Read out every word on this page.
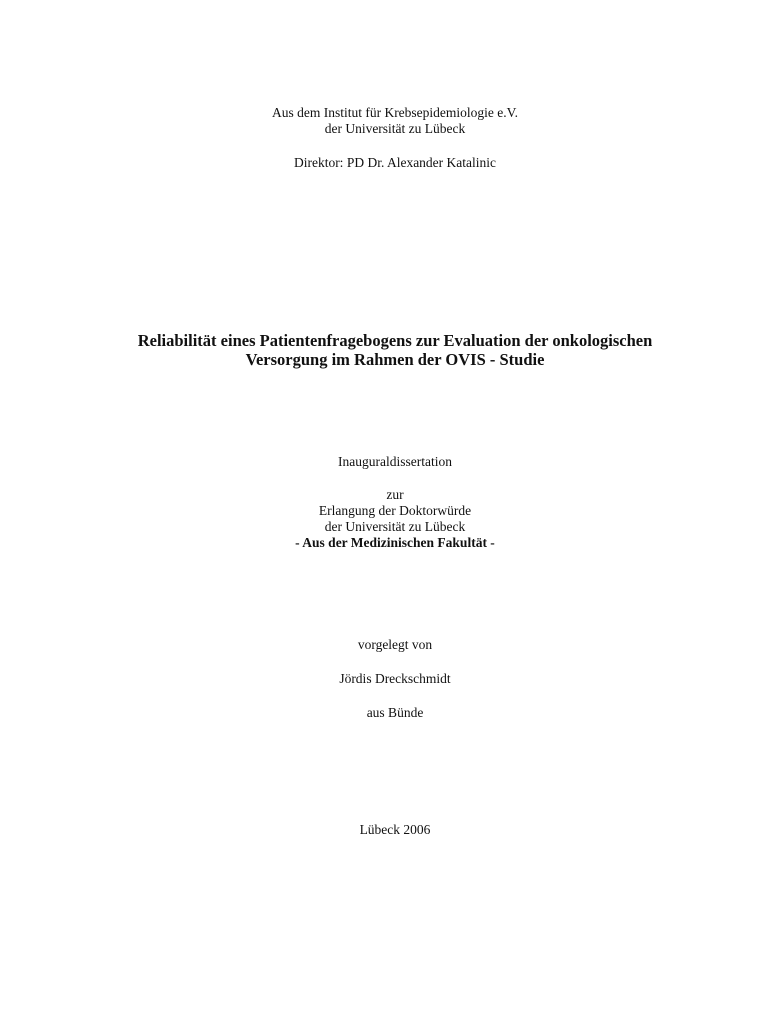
Aus dem Institut für Krebsepidemiologie e.V.
der Universität zu Lübeck
Direktor: PD Dr. Alexander Katalinic
Reliabilität eines Patientenfragebogens zur Evaluation der onkologischen
Versorgung im Rahmen der OVIS - Studie
Inauguraldissertation
zur
Erlangung der Doktorwürde
der Universität zu Lübeck
- Aus der Medizinischen Fakultät -
vorgelegt von
Jördis Dreckschmidt
aus Bünde
Lübeck 2006
